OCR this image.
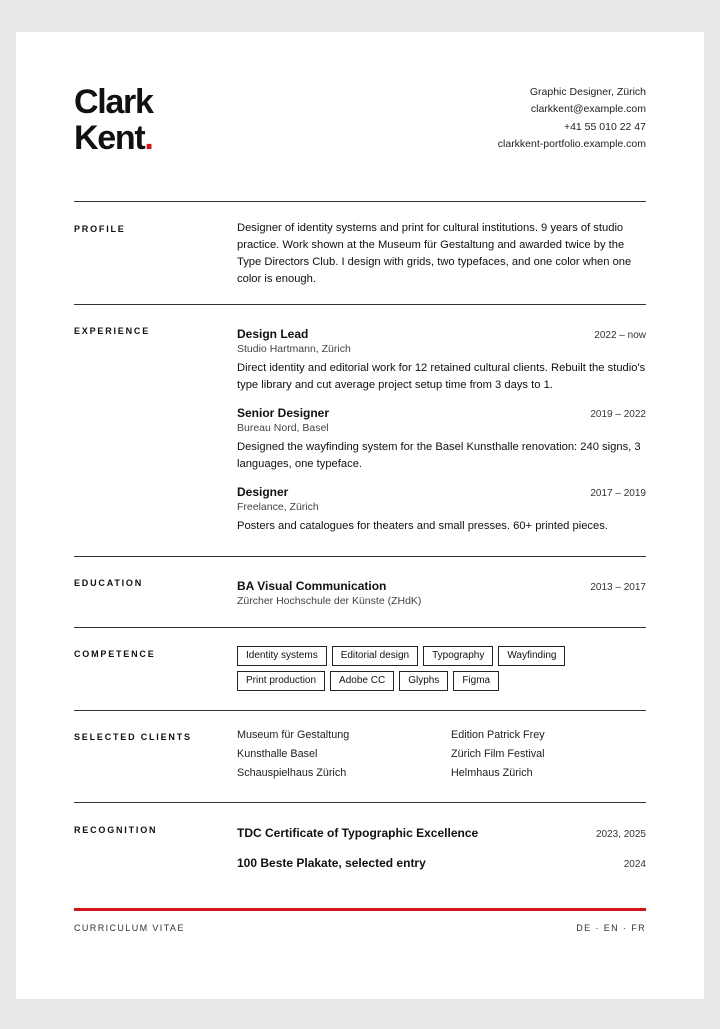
Clark
Kent.
Graphic Designer, Zürich
clarkkent@example.com
+41 55 010 22 47
clarkkent-portfolio.example.com
PROFILE	Designer of identity systems and print for cultural institutions. 9 years of studio practice. Work shown at the Museum für Gestaltung and awarded twice by the Type Directors Club. I design with grids, two typefaces, and one color when one color is enough.
EXPERIENCE	Design Lead	2022 – now
Studio Hartmann, Zürich
Direct identity and editorial work for 12 retained cultural clients. Rebuilt the studio's type library and cut average project setup time from 3 days to 1.
Senior Designer	2019 – 2022
Bureau Nord, Basel
Designed the wayfinding system for the Basel Kunsthalle renovation: 240 signs, 3 languages, one typeface.
Designer	2017 – 2019
Freelance, Zürich
Posters and catalogues for theaters and small presses. 60+ printed pieces.
EDUCATION	BA Visual Communication	2013 – 2017
Zürcher Hochschule der Künste (ZHdK)
COMPETENCE	Identity systems	Editorial design	Typography	Wayfinding
Print production	Adobe CC	Glyphs	Figma
SELECTED CLIENTS	Museum für Gestaltung	Edition Patrick Frey
Kunsthalle Basel	Zürich Film Festival
Schauspielhaus Zürich	Helmhaus Zürich
RECOGNITION	TDC Certificate of Typographic Excellence	2023, 2025
100 Beste Plakate, selected entry	2024
CURRICULUM VITAE	DE · EN · FR
